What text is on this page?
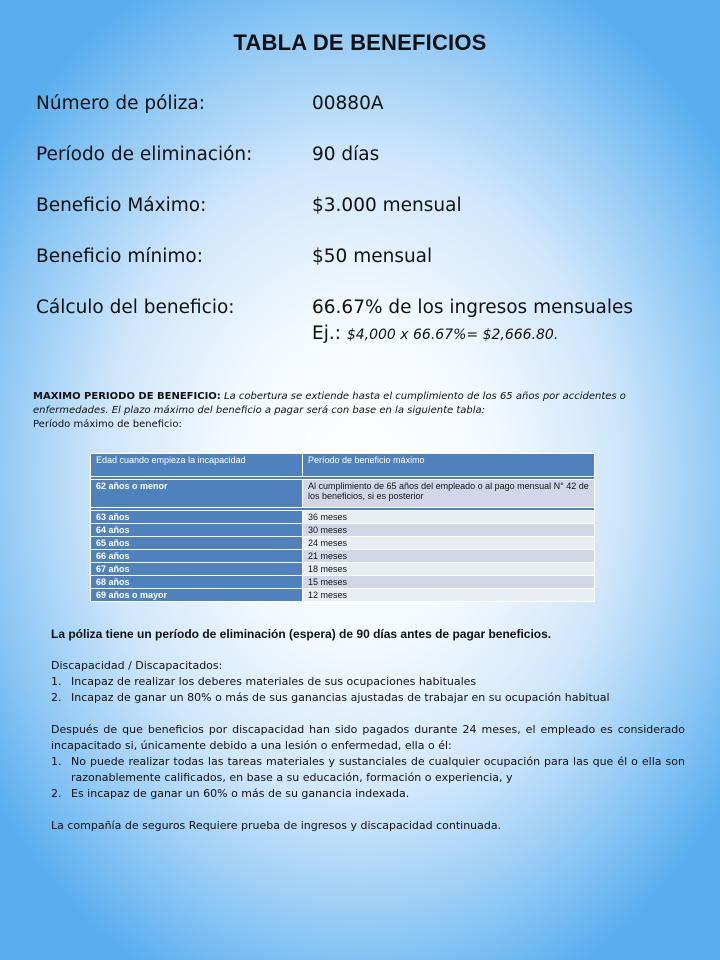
TABLA DE BENEFICIOS
Número de póliza:	00880A
Período de eliminación:	90 días
Beneficio Máximo:	$3.000 mensual
Beneficio mínimo:	$50 mensual
Cálculo del beneficio:	66.67% de los ingresos mensuales
Ej.: $4,000 x 66.67%= $2,666.80.
MAXIMO PERIODO DE BENEFICIO: La cobertura se extiende hasta el cumplimiento de los 65 años por accidentes o enfermedades. El plazo máximo del beneficio a pagar será con base en la siguiente tabla:
Período máximo de beneficio:
Edad cuando empieza la incapacidad	Período de beneficio máximo

62 años o menor	Al cumplimiento de 65 años del empleado o al pago mensual N° 42 de los beneficios, si es posterior

63 años	36 meses
64 años	30 meses
65 años	24 meses
66 años	21 meses
67 años	18 meses
68 años	15 meses
69 años o mayor	12 meses

La póliza tiene un período de eliminación (espera) de 90 días antes de pagar beneficios.

Discapacidad / Discapacitados:

1. Incapaz de realizar los deberes materiales de sus ocupaciones habituales
2. Incapaz de ganar un 80% o más de sus ganancias ajustadas de trabajar en su ocupación habitual

Después de que beneficios por discapacidad han sido pagados durante 24 meses, el empleado es considerado incapacitado si, únicamente debido a una lesión o enfermedad, ella o él:

1. No puede realizar todas las tareas materiales y sustanciales de cualquier ocupación para las que él o ella son razonablemente calificados, en base a su educación, formación o experiencia, y
2. Es incapaz de ganar un 60% o más de su ganancia indexada.

La compañía de seguros Requiere prueba de ingresos y discapacidad continuada.
